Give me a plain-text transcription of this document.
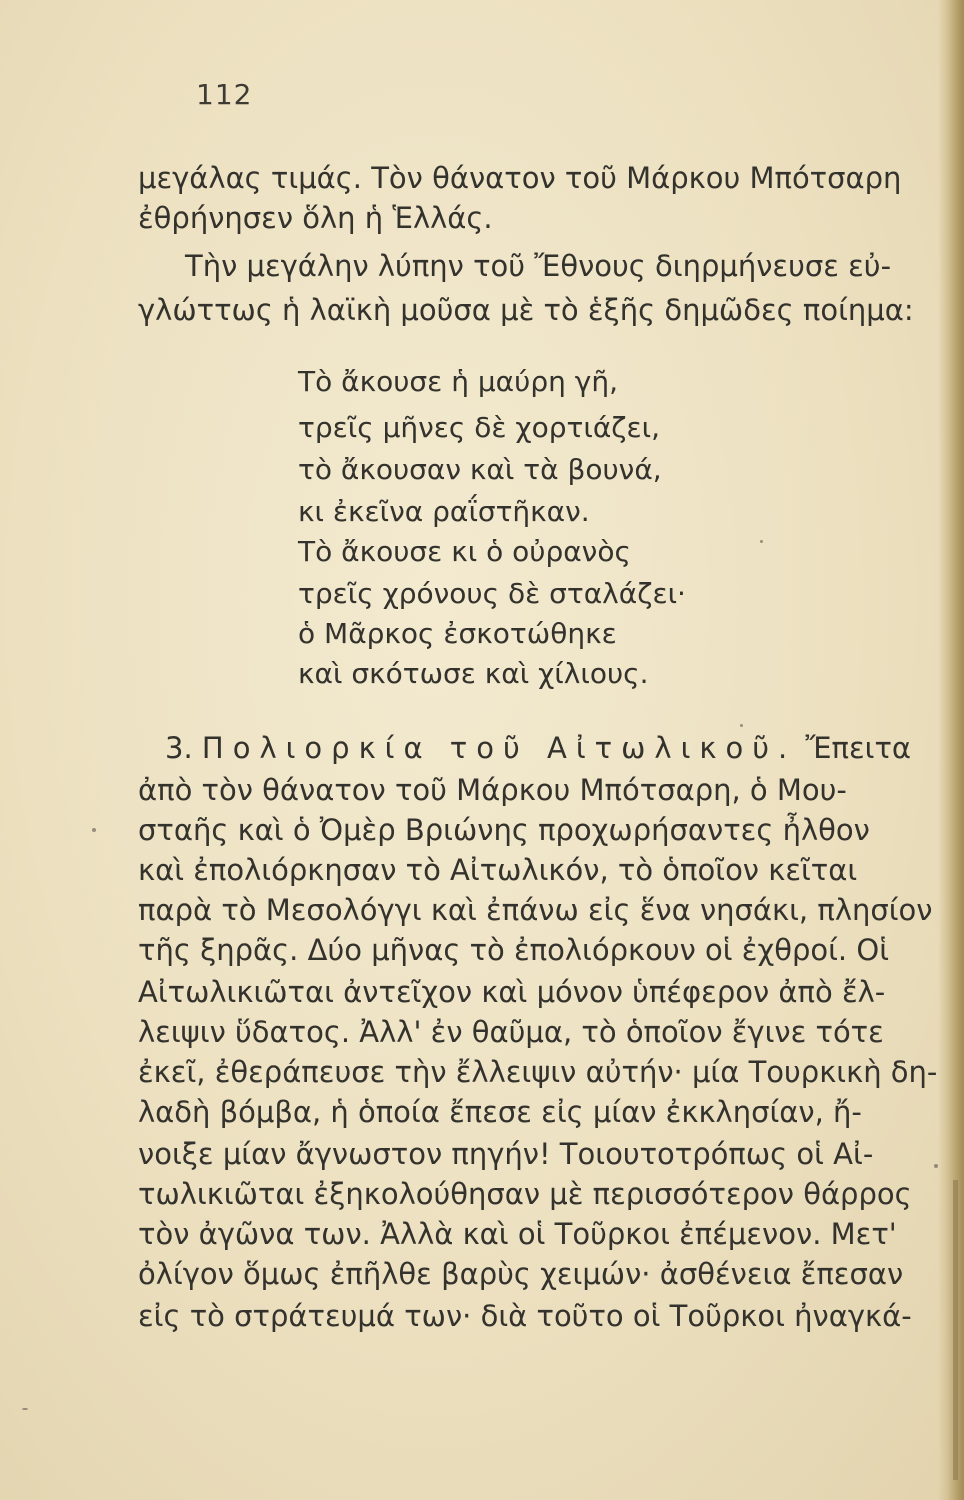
112
μεγάλας τιμάς. Τὸν θάνατον τοῦ Μάρκου Μπότσαρη
ἐθρήνησεν ὅλη ἡ Ἑλλάς.
Τὴν μεγάλην λύπην τοῦ Ἔθνους διηρμήνευσε εὐ-
γλώττως ἡ λαϊκὴ μοῦσα μὲ τὸ ἑξῆς δημῶδες ποίημα:
Τὸ ἄκουσε ἡ μαύρη γῆ,
τρεῖς μῆνες δὲ χορτιάζει,
τὸ ἄκουσαν καὶ τὰ βουνά,
κι ἐκεῖνα ραΐστῆκαν.
Τὸ ἄκουσε κι ὁ οὐρανὸς
τρεῖς χρόνους δὲ σταλάζει·
ὁ Μᾶρκος ἐσκοτώθηκε
καὶ σκότωσε καὶ χίλιους.
3. Πολιορκία τοῦ Αἰτωλικοῦ. Ἔπειτα
ἀπὸ τὸν θάνατον τοῦ Μάρκου Μπότσαρη, ὁ Μου-
σταῆς καὶ ὁ Ὀμὲρ Βριώνης προχωρήσαντες ἦλθον
καὶ ἐπολιόρκησαν τὸ Αἰτωλικόν, τὸ ὁποῖον κεῖται
παρὰ τὸ Μεσολόγγι καὶ ἐπάνω εἰς ἕνα νησάκι, πλησίον
τῆς ξηρᾶς. Δύο μῆνας τὸ ἐπολιόρκουν οἱ ἐχθροί. Οἱ
Αἰτωλικιῶται ἀντεῖχον καὶ μόνον ὑπέφερον ἀπὸ ἔλ-
λειψιν ὕδατος. Ἀλλ' ἐν θαῦμα, τὸ ὁποῖον ἔγινε τότε
ἐκεῖ, ἐθεράπευσε τὴν ἔλλειψιν αὐτήν· μία Τουρκικὴ δη-
λαδὴ βόμβα, ἡ ὁποία ἔπεσε εἰς μίαν ἐκκλησίαν, ἤ-
νοιξε μίαν ἄγνωστον πηγήν! Τοιουτοτρόπως οἱ Αἰ-
τωλικιῶται ἐξηκολούθησαν μὲ περισσότερον θάρρος
τὸν ἀγῶνα των. Ἀλλὰ καὶ οἱ Τοῦρκοι ἐπέμενον. Μετ'
ὀλίγον ὅμως ἐπῆλθε βαρὺς χειμών· ἀσθένεια ἔπεσαν
εἰς τὸ στράτευμά των· διὰ τοῦτο οἱ Τοῦρκοι ἠναγκά-
